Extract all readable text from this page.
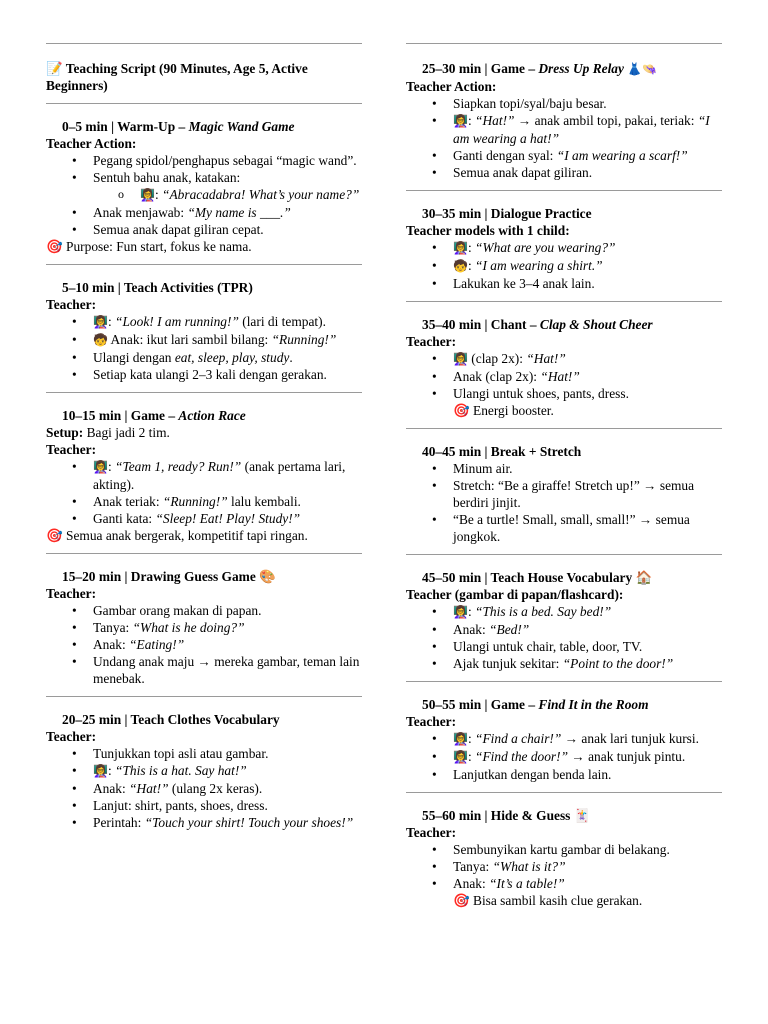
📝 Teaching Script (90 Minutes, Age 5, Active Beginners)
0–5 min | Warm-Up – Magic Wand Game
Teacher Action:
• Pegang spidol/penghapus sebagai “magic wand”.
• Sentuh bahu anak, katakan:
o 👩‍🏫: “Abracadabra! What’s your name?”
• Anak menjawab: “My name is ___.”
• Semua anak dapat giliran cepat.
🎯 Purpose: Fun start, fokus ke nama.
5–10 min | Teach Activities (TPR)
Teacher:
• 👩‍🏫: “Look! I am running!” (lari di tempat).
• 🧒 Anak: ikut lari sambil bilang: “Running!”
• Ulangi dengan eat, sleep, play, study.
• Setiap kata ulangi 2–3 kali dengan gerakan.
10–15 min | Game – Action Race
Setup: Bagi jadi 2 tim.
Teacher:
• 👩‍🏫: “Team 1, ready? Run!” (anak pertama lari, akting).
• Anak teriak: “Running!” lalu kembali.
• Ganti kata: “Sleep! Eat! Play! Study!”
🎯 Semua anak bergerak, kompetitif tapi ringan.
15–20 min | Drawing Guess Game 🎨
Teacher:
• Gambar orang makan di papan.
• Tanya: “What is he doing?”
• Anak: “Eating!”
• Undang anak maju → mereka gambar, teman lain menebak.
20–25 min | Teach Clothes Vocabulary
Teacher:
• Tunjukkan topi asli atau gambar.
• 👩‍🏫: “This is a hat. Say hat!”
• Anak: “Hat!” (ulang 2x keras).
• Lanjut: shirt, pants, shoes, dress.
• Perintah: “Touch your shirt! Touch your shoes!”
25–30 min | Game – Dress Up Relay 👗👒
Teacher Action:
• Siapkan topi/syal/baju besar.
• 👩‍🏫: “Hat!” → anak ambil topi, pakai, teriak: “I am wearing a hat!”
• Ganti dengan syal: “I am wearing a scarf!”
• Semua anak dapat giliran.
30–35 min | Dialogue Practice
Teacher models with 1 child:
• 👩‍🏫: “What are you wearing?”
• 🧒: “I am wearing a shirt.”
• Lakukan ke 3–4 anak lain.
35–40 min | Chant – Clap & Shout Cheer
Teacher:
• 👩‍🏫 (clap 2x): “Hat!”
• Anak (clap 2x): “Hat!”
• Ulangi untuk shoes, pants, dress.
🎯 Energi booster.
40–45 min | Break + Stretch
• Minum air.
• Stretch: “Be a giraffe! Stretch up!” → semua berdiri jinjit.
• “Be a turtle! Small, small, small!” → semua jongkok.
45–50 min | Teach House Vocabulary 🏠
Teacher (gambar di papan/flashcard):
• 👩‍🏫: “This is a bed. Say bed!”
• Anak: “Bed!”
• Ulangi untuk chair, table, door, TV.
• Ajak tunjuk sekitar: “Point to the door!”
50–55 min | Game – Find It in the Room
Teacher:
• 👩‍🏫: “Find a chair!” → anak lari tunjuk kursi.
• 👩‍🏫: “Find the door!” → anak tunjuk pintu.
• Lanjutkan dengan benda lain.
55–60 min | Hide & Guess 🃏
Teacher:
• Sembunyikan kartu gambar di belakang.
• Tanya: “What is it?”
• Anak: “It’s a table!”
🎯 Bisa sambil kasih clue gerakan.
